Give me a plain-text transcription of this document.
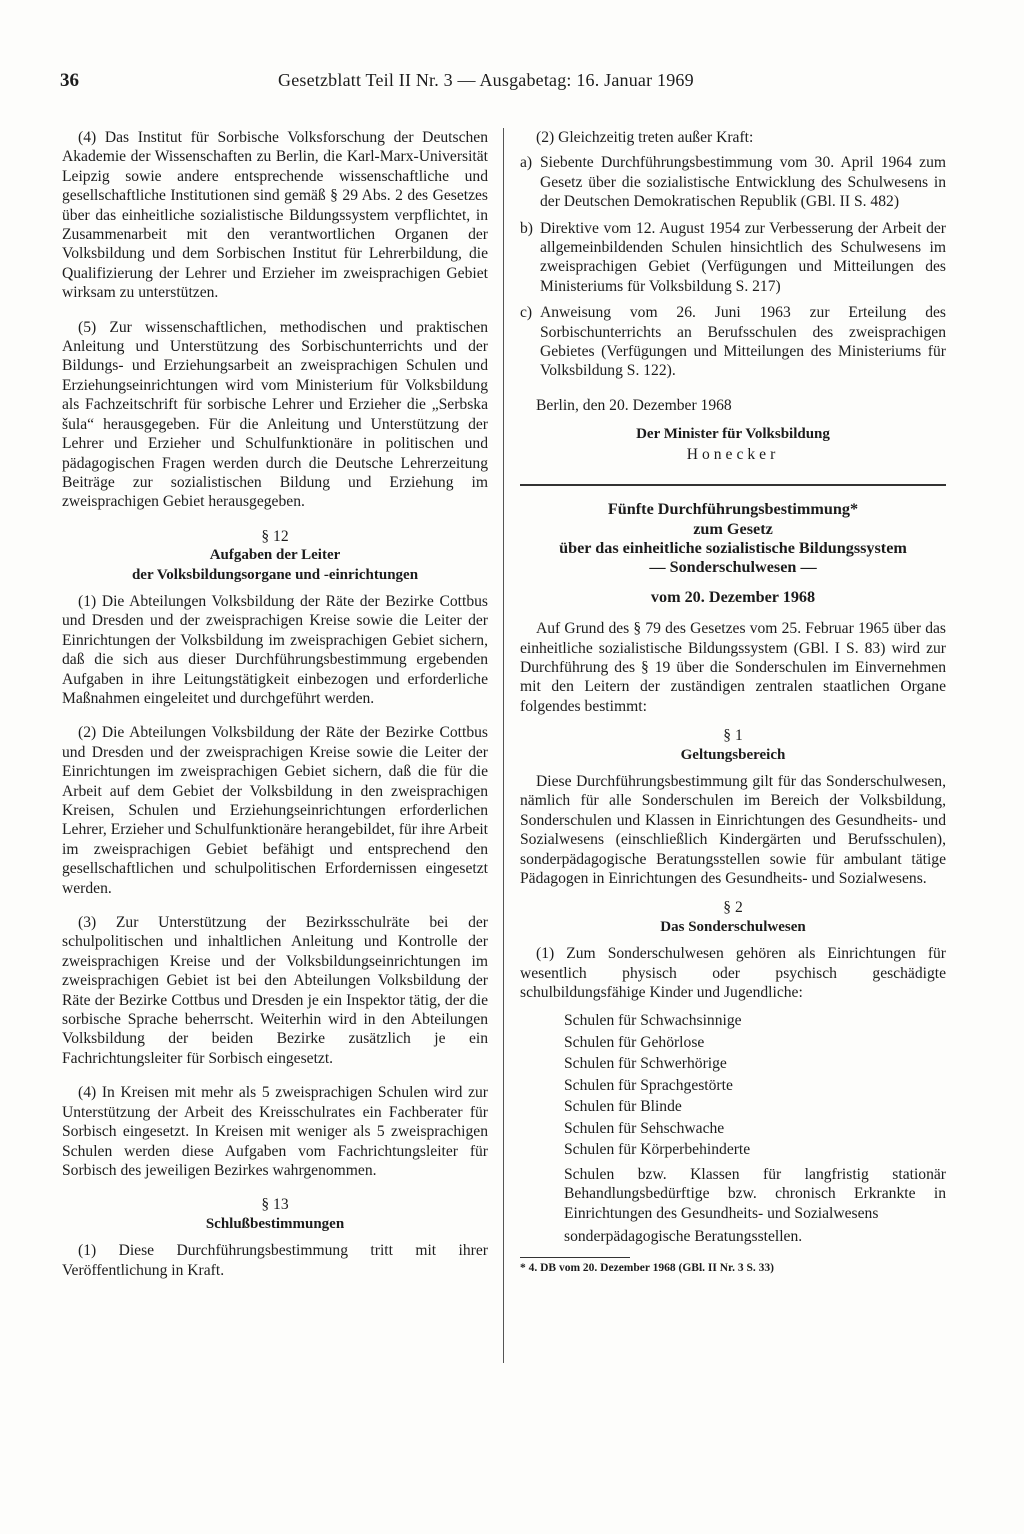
36	Gesetzblatt Teil II Nr. 3 — Ausgabetag: 16. Januar 1969

(4) Das Institut für Sorbische Volksforschung der Deutschen Akademie der Wissenschaften zu Berlin, die Karl-Marx-Universität Leipzig sowie andere entsprechende wissenschaftliche und gesellschaftliche Institutionen sind gemäß § 29 Abs. 2 des Gesetzes über das einheitliche sozialistische Bildungssystem verpflichtet, in Zusammenarbeit mit den verantwortlichen Organen der Volksbildung und dem Sorbischen Institut für Lehrerbildung, die Qualifizierung der Lehrer und Erzieher im zweisprachigen Gebiet wirksam zu unterstützen.

(5) Zur wissenschaftlichen, methodischen und praktischen Anleitung und Unterstützung des Sorbischunterrichts und der Bildungs- und Erziehungsarbeit an zweisprachigen Schulen und Erziehungseinrichtungen wird vom Ministerium für Volksbildung als Fachzeitschrift für sorbische Lehrer und Erzieher die „Serbska šula“ herausgegeben. Für die Anleitung und Unterstützung der Lehrer und Erzieher und Schulfunktionäre in politischen und pädagogischen Fragen werden durch die Deutsche Lehrerzeitung Beiträge zur sozialistischen Bildung und Erziehung im zweisprachigen Gebiet herausgegeben.

§ 12

Aufgaben der Leiter
der Volksbildungsorgane und -einrichtungen

(1) Die Abteilungen Volksbildung der Räte der Bezirke Cottbus und Dresden und der zweisprachigen Kreise sowie die Leiter der Einrichtungen der Volksbildung im zweisprachigen Gebiet sichern, daß die sich aus dieser Durchführungsbestimmung ergebenden Aufgaben in ihre Leitungstätigkeit einbezogen und erforderliche Maßnahmen eingeleitet und durchgeführt werden.

(2) Die Abteilungen Volksbildung der Räte der Bezirke Cottbus und Dresden und der zweisprachigen Kreise sowie die Leiter der Einrichtungen im zweisprachigen Gebiet sichern, daß die für die Arbeit auf dem Gebiet der Volksbildung in den zweisprachigen Kreisen, Schulen und Erziehungseinrichtungen erforderlichen Lehrer, Erzieher und Schulfunktionäre herangebildet, für ihre Arbeit im zweisprachigen Gebiet befähigt und entsprechend den gesellschaftlichen und schulpolitischen Erfordernissen eingesetzt werden.

(3) Zur Unterstützung der Bezirksschulräte bei der schulpolitischen und inhaltlichen Anleitung und Kontrolle der zweisprachigen Kreise und der Volksbildungseinrichtungen im zweisprachigen Gebiet ist bei den Abteilungen Volksbildung der Räte der Bezirke Cottbus und Dresden je ein Inspektor tätig, der die sorbische Sprache beherrscht. Weiterhin wird in den Abteilungen Volksbildung der beiden Bezirke zusätzlich je ein Fachrichtungsleiter für Sorbisch eingesetzt.

(4) In Kreisen mit mehr als 5 zweisprachigen Schulen wird zur Unterstützung der Arbeit des Kreisschulrates ein Fachberater für Sorbisch eingesetzt. In Kreisen mit weniger als 5 zweisprachigen Schulen werden diese Aufgaben vom Fachrichtungsleiter für Sorbisch des jeweiligen Bezirkes wahrgenommen.

§ 13

Schlußbestimmungen

(1) Diese Durchführungsbestimmung tritt mit ihrer Veröffentlichung in Kraft.

(2) Gleichzeitig treten außer Kraft:

a) Siebente Durchführungsbestimmung vom 30. April 1964 zum Gesetz über die sozialistische Entwicklung des Schulwesens in der Deutschen Demokratischen Republik (GBl. II S. 482)
b) Direktive vom 12. August 1954 zur Verbesserung der Arbeit der allgemeinbildenden Schulen hinsichtlich des Schulwesens im zweisprachigen Gebiet (Verfügungen und Mitteilungen des Ministeriums für Volksbildung S. 217)
c) Anweisung vom 26. Juni 1963 zur Erteilung des Sorbischunterrichts an Berufsschulen des zweisprachigen Gebietes (Verfügungen und Mitteilungen des Ministeriums für Volksbildung S. 122).

Berlin, den 20. Dezember 1968

Der Minister für Volksbildung

Honecker

Fünfte Durchführungsbestimmung*

zum Gesetz

über das einheitliche sozialistische Bildungssystem

— Sonderschulwesen —

vom 20. Dezember 1968

Auf Grund des § 79 des Gesetzes vom 25. Februar 1965 über das einheitliche sozialistische Bildungssystem (GBl. I S. 83) wird zur Durchführung des § 19 über die Sonderschulen im Einvernehmen mit den Leitern der zuständigen zentralen staatlichen Organe folgendes bestimmt:

§ 1

Geltungsbereich

Diese Durchführungsbestimmung gilt für das Sonderschulwesen, nämlich für alle Sonderschulen im Bereich der Volksbildung, Sonderschulen und Klassen in Einrichtungen des Gesundheits- und Sozialwesens (einschließlich Kindergärten und Berufsschulen), sonderpädagogische Beratungsstellen sowie für ambulant tätige Pädagogen in Einrichtungen des Gesundheits- und Sozialwesens.

§ 2

Das Sonderschulwesen

(1) Zum Sonderschulwesen gehören als Einrichtungen für wesentlich physisch oder psychisch geschädigte schulbildungsfähige Kinder und Jugendliche:

Schulen für Schwachsinnige
Schulen für Gehörlose
Schulen für Schwerhörige
Schulen für Sprachgestörte
Schulen für Blinde
Schulen für Sehschwache
Schulen für Körperbehinderte
Schulen bzw. Klassen für langfristig stationär Behandlungsbedürftige bzw. chronisch Erkrankte in Einrichtungen des Gesundheits- und Sozialwesens
sonderpädagogische Beratungsstellen.

* 4. DB vom 20. Dezember 1968 (GBl. II Nr. 3 S. 33)
